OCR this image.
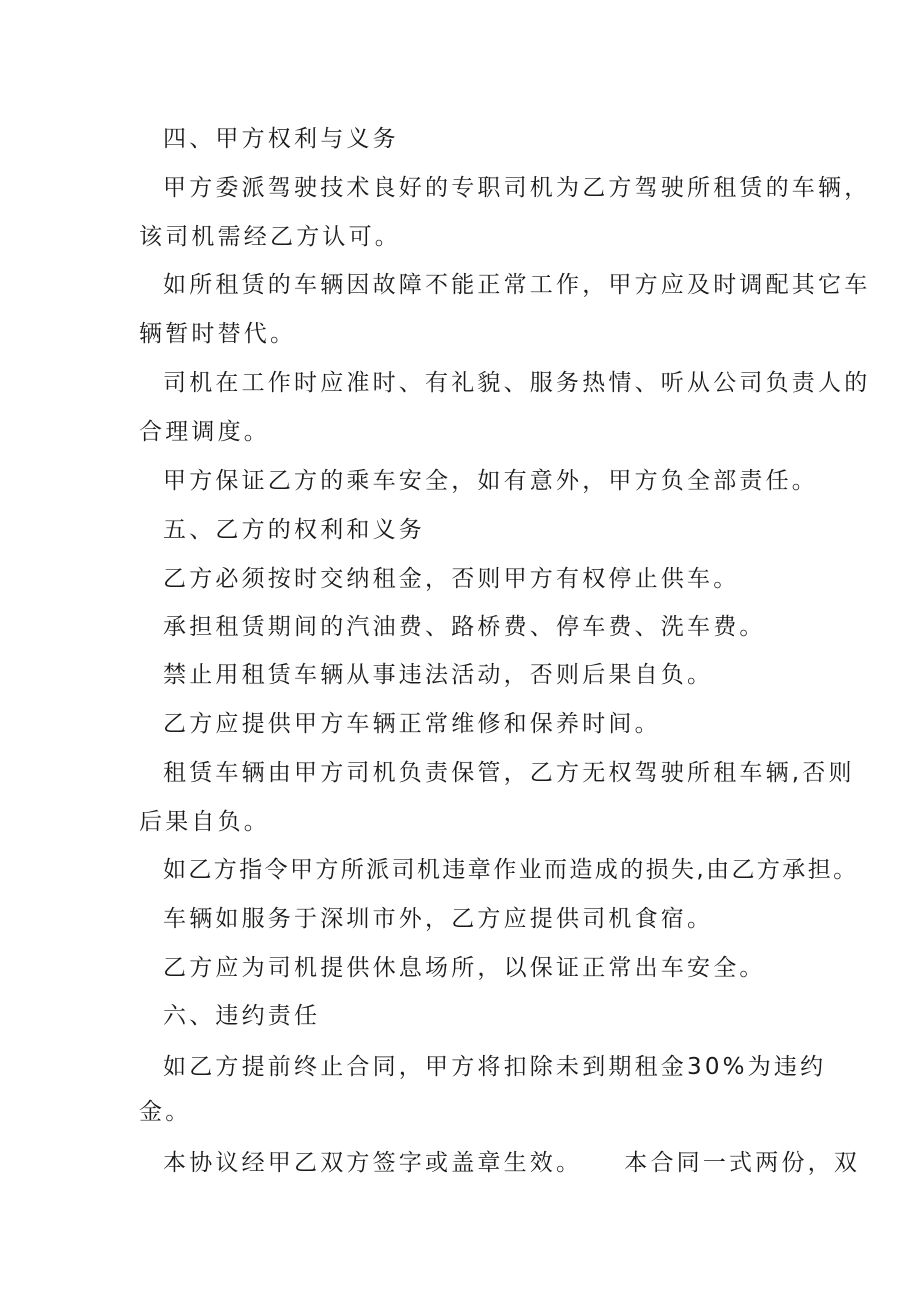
四、甲方权利与义务
甲方委派驾驶技术良好的专职司机为乙方驾驶所租赁的车辆，
该司机需经乙方认可。
如所租赁的车辆因故障不能正常工作，甲方应及时调配其它车
辆暂时替代。
司机在工作时应准时、有礼貌、服务热情、听从公司负责人的
合理调度。
甲方保证乙方的乘车安全，如有意外，甲方负全部责任。
五、乙方的权利和义务
乙方必须按时交纳租金，否则甲方有权停止供车。
承担租赁期间的汽油费、路桥费、停车费、洗车费。
禁止用租赁车辆从事违法活动，否则后果自负。
乙方应提供甲方车辆正常维修和保养时间。
租赁车辆由甲方司机负责保管，乙方无权驾驶所租车辆,否则
后果自负。
如乙方指令甲方所派司机违章作业而造成的损失,由乙方承担。
车辆如服务于深圳市外，乙方应提供司机食宿。
乙方应为司机提供休息场所，以保证正常出车安全。
六、违约责任
如乙方提前终止合同，甲方将扣除未到期租金30%为违约
金。
本协议经甲乙双方签字或盖章生效。    本合同一式两份，双
